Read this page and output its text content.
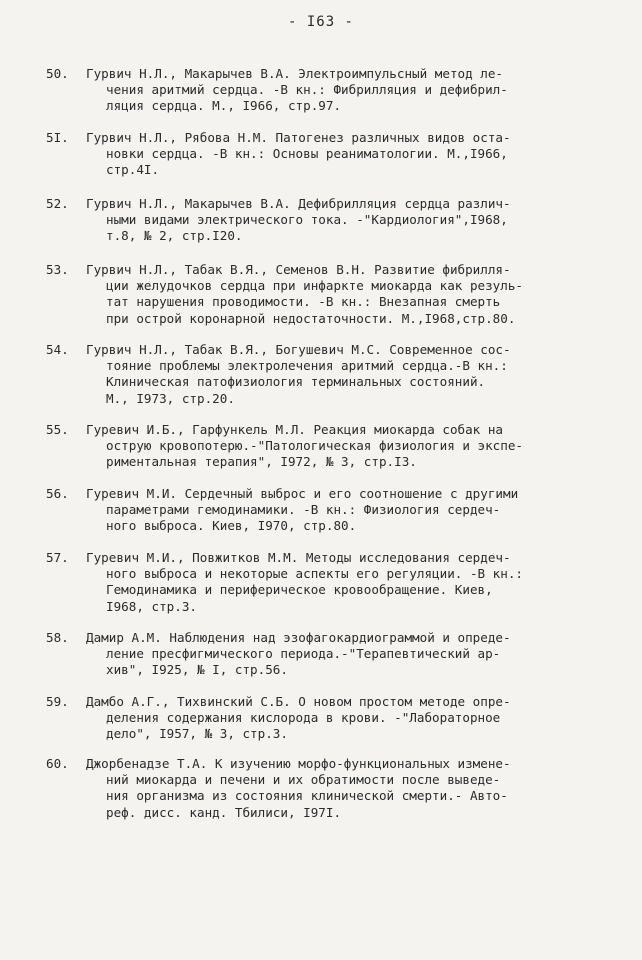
- I63 -
50.	Гурвич Н.Л., Макарычев В.А. Электроимпульсный метод ле-
чения аритмий сердца. -В кн.: Фибрилляция и дефибрил-
ляция сердца. М., I966, стр.97.
5I.	Гурвич Н.Л., Рябова Н.М. Патогенез различных видов оста-
новки сердца. -В кн.: Основы реаниматологии. М.,I966,
стр.4I.
52.	Гурвич Н.Л., Макарычев В.А. Дефибрилляция сердца различ-
ными видами электрического тока. -"Кардиология",I968,
т.8, № 2, стр.I20.
53.	Гурвич Н.Л., Табак В.Я., Семенов В.Н. Развитие фибрилля-
ции желудочков сердца при инфаркте миокарда как резуль-
тат нарушения проводимости. -В кн.: Внезапная смерть
при острой коронарной недостаточности. М.,I968,стр.80.
54.	Гурвич Н.Л., Табак В.Я., Богушевич М.С. Современное сос-
тояние проблемы электролечения аритмий сердца.-В кн.:
Клиническая патофизиология терминальных состояний.
М., I973, стр.20.
55.	Гуревич И.Б., Гарфункель М.Л. Реакция миокарда собак на
острую кровопотерю.-"Патологическая физиология и экспе-
риментальная терапия", I972, № 3, стр.I3.
56.	Гуревич М.И. Сердечный выброс и его соотношение с другими
параметрами гемодинамики. -В кн.: Физиология сердеч-
ного выброса. Киев, I970, стр.80.
57.	Гуревич М.И., Повжитков М.М. Методы исследования сердеч-
ного выброса и некоторые аспекты его регуляции. -В кн.:
Гемодинамика и периферическое кровообращение. Киев,
I968, стр.3.
58.	Дамир А.М. Наблюдения над эзофагокардиограммой и опреде-
ление пресфигмического периода.-"Терапевтический ар-
хив", I925, № I, стр.56.
59.	Дамбо А.Г., Тихвинский С.Б. О новом простом методе опре-
деления содержания кислорода в крови. -"Лабораторное
дело", I957, № 3, стр.3.
60.	Джорбенадзе Т.А. К изучению морфо-функциональных измене-
ний миокарда и печени и их обратимости после выведе-
ния организма из состояния клинической смерти.- Авто-
реф. дисс. канд. Тбилиси, I97I.
